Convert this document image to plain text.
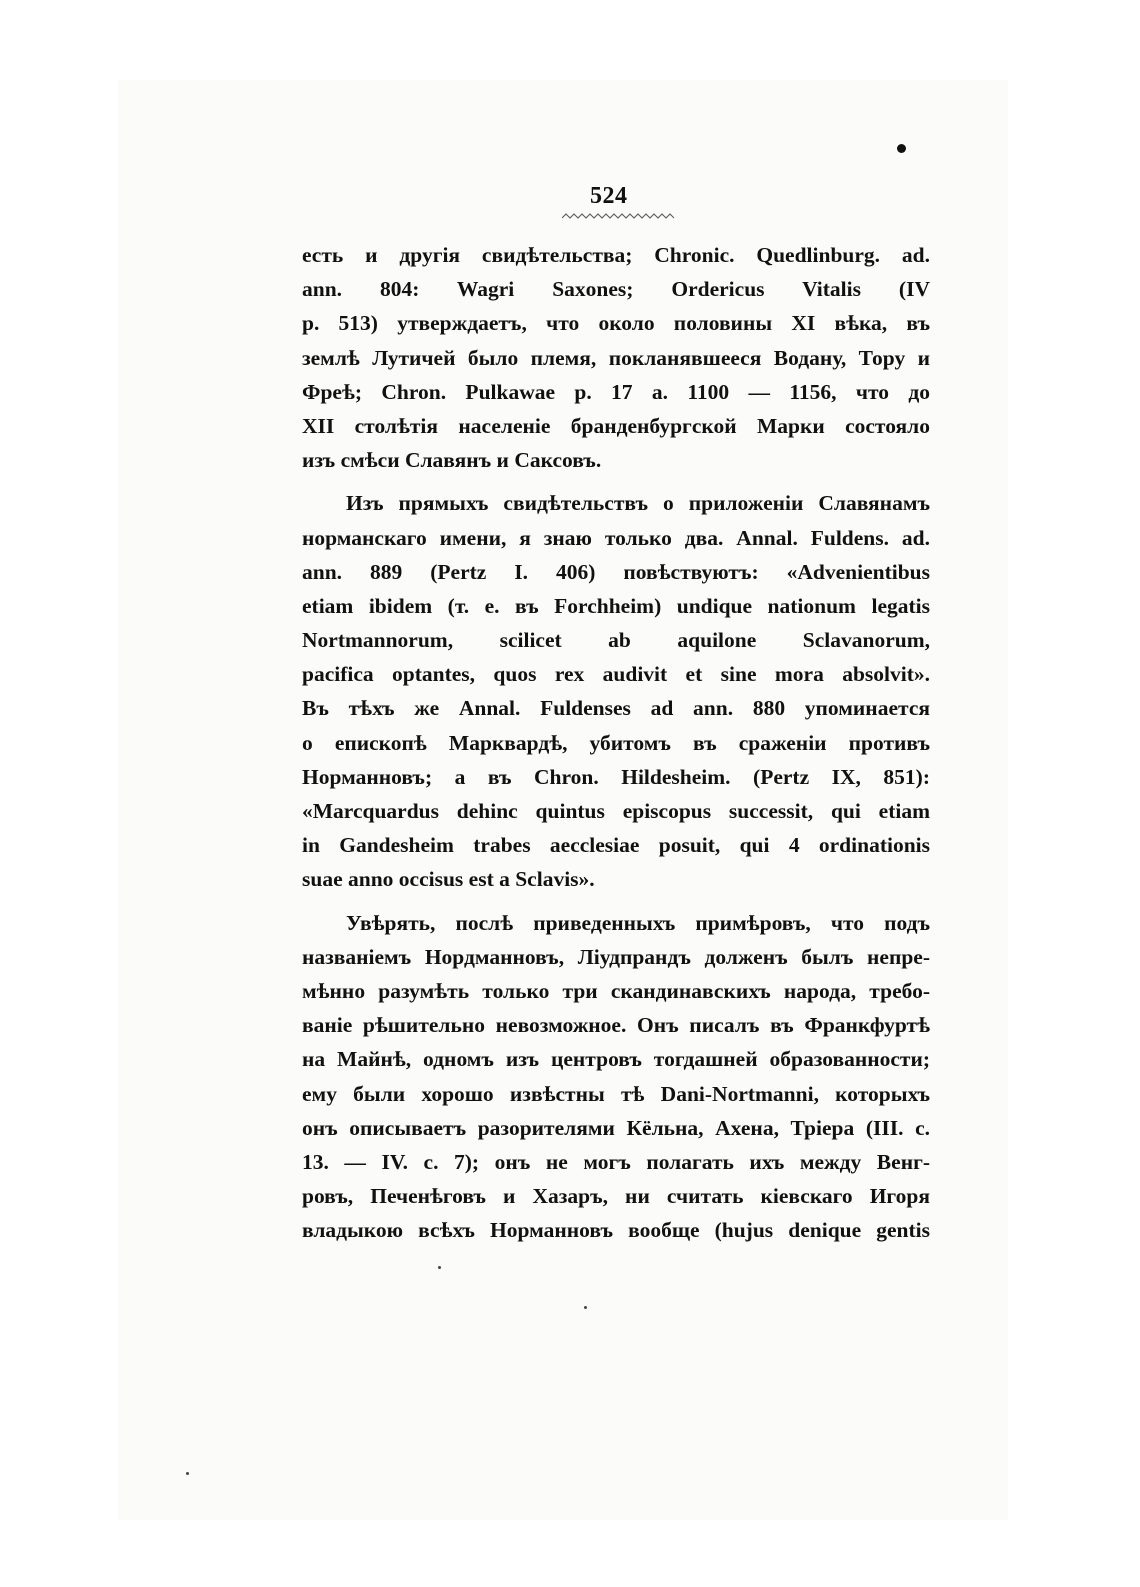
524
есть и другія свидѣтельства; Chronic. Quedlinburg. ad.
ann. 804: Wagri Saxones; Ordericus Vitalis (IV
p. 513) утверждаетъ, что около половины XI вѣка, въ
землѣ Лутичей было племя, покланявшееся Водану, Тору и
Фреѣ; Chron. Pulkawae p. 17 a. 1100 — 1156, что до
XII столѣтія населеніе бранденбургской Марки состояло
изъ смѣси Славянъ и Саксовъ.
Изъ прямыхъ свидѣтельствъ о приложеніи Славянамъ
норманскаго имени, я знаю только два. Annal. Fuldens. ad.
ann. 889 (Pertz I. 406) повѣствуютъ: «Advenientibus
etiam ibidem (т. е. въ Forchheim) undique nationum legatis
Nortmannorum, scilicet ab aquilone Sclavanorum,
pacifica optantes, quos rex audivit et sine mora absolvit».
Въ тѣхъ же Annal. Fuldenses ad ann. 880 упоминается
о епископѣ Марквардѣ, убитомъ въ сраженіи противъ
Норманновъ; а въ Chron. Hildesheim. (Pertz IX, 851):
«Marcquardus dehinc quintus episcopus successit, qui etiam
in Gandesheim trabes aecclesiae posuit, qui 4 ordinationis
suae anno occisus est a Sclavis».
Увѣрять, послѣ приведенныхъ примѣровъ, что подъ
названіемъ Нордманновъ, Ліудпрандъ долженъ былъ непре-
мѣнно разумѣть только три скандинавскихъ народа, требо-
ваніе рѣшительно невозможное. Онъ писалъ въ Франкфуртѣ
на Майнѣ, одномъ изъ центровъ тогдашней образованности;
ему были хорошо извѣстны тѣ Dani-Nortmanni, которыхъ
онъ описываетъ разорителями Кёльна, Ахена, Тріера (III. c.
13. — IV. c. 7); онъ не могъ полагать ихъ между Венг-
ровъ, Печенѣговъ и Хазаръ, ни считать кіевскаго Игоря
владыкою всѣхъ Норманновъ вообще (hujus denique gentis
